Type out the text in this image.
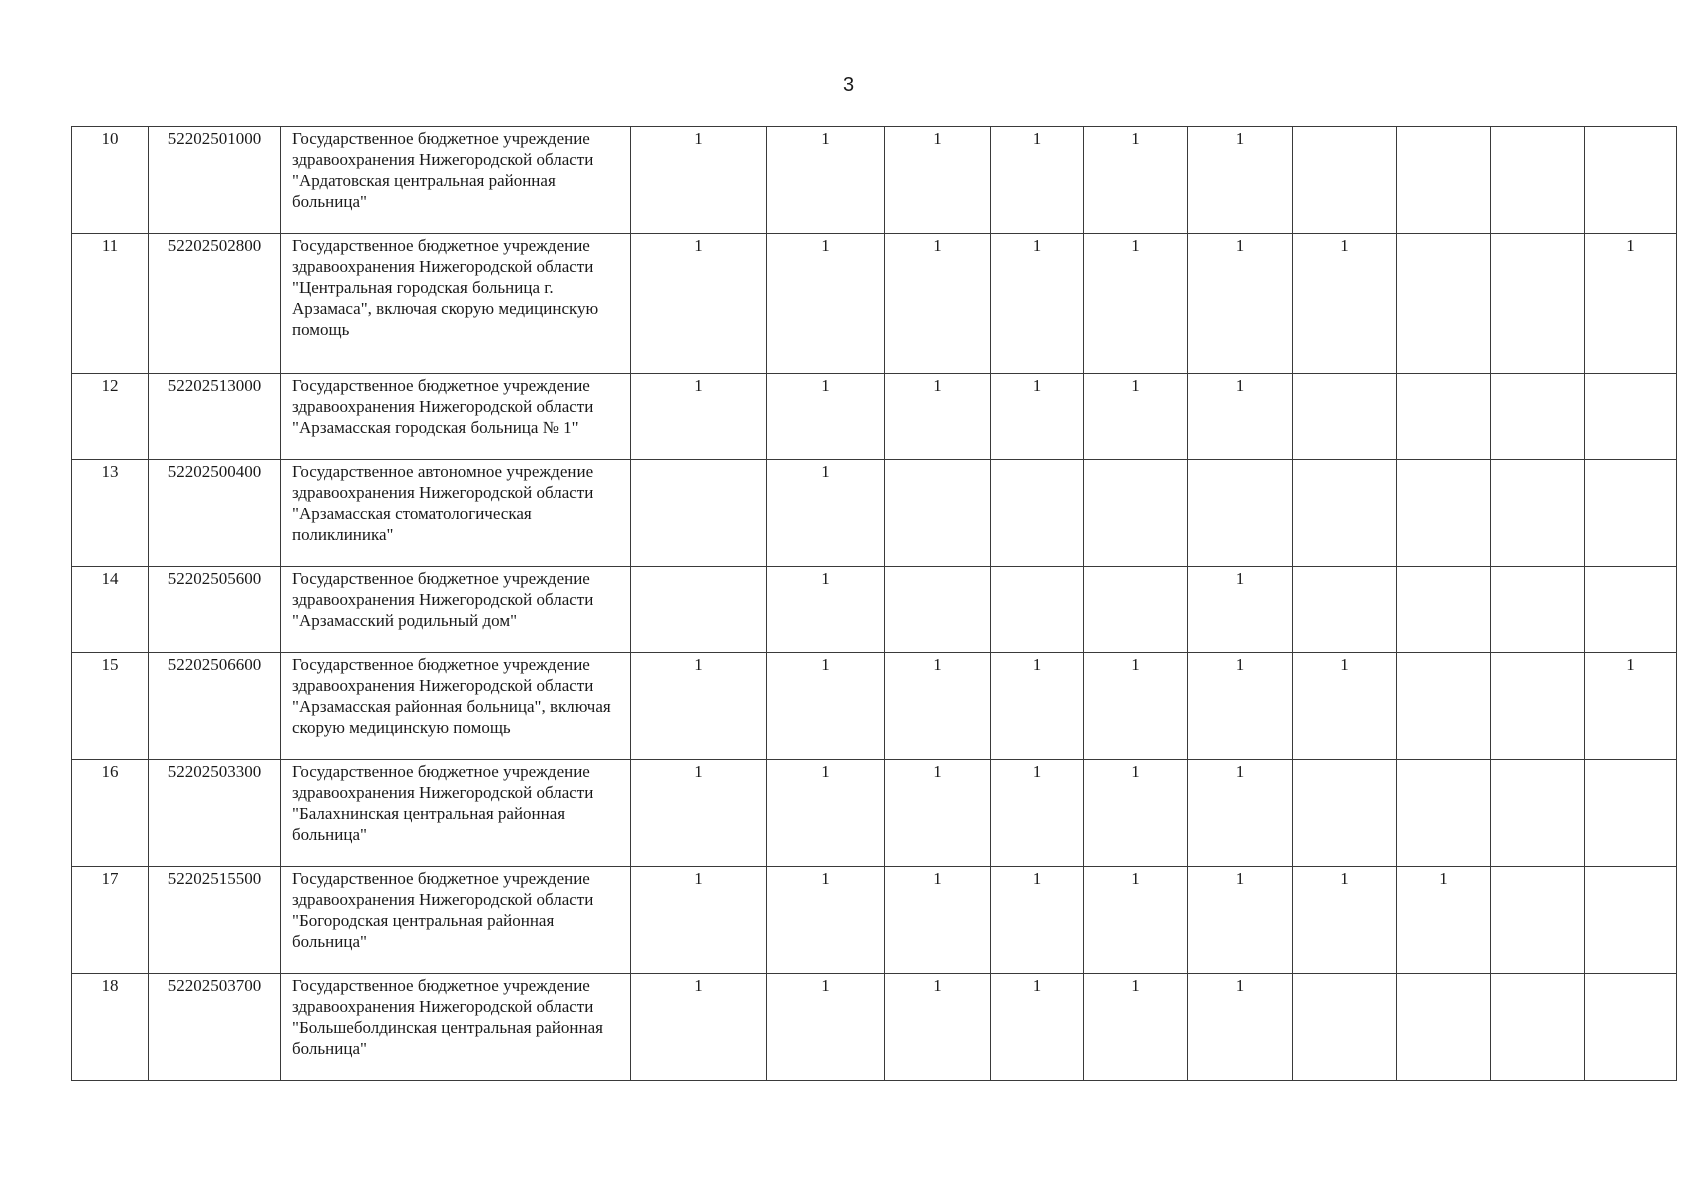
3
10	52202501000	Государственное бюджетное учреждение здравоохранения Нижегородской области "Ардатовская центральная районная больница"	1	1	1	1	1	1				
11	52202502800	Государственное бюджетное учреждение здравоохранения Нижегородской области "Центральная городская больница г. Арзамаса", включая скорую медицинскую помощь	1	1	1	1	1	1	1			1
12	52202513000	Государственное бюджетное учреждение здравоохранения Нижегородской области "Арзамасская городская больница № 1"	1	1	1	1	1	1				
13	52202500400	Государственное автономное учреждение здравоохранения Нижегородской области "Арзамасская стоматологическая поликлиника"		1								
14	52202505600	Государственное бюджетное учреждение здравоохранения Нижегородской области "Арзамасский родильный дом"		1				1				
15	52202506600	Государственное бюджетное учреждение здравоохранения Нижегородской области "Арзамасская районная больница", включая скорую медицинскую помощь	1	1	1	1	1	1	1			1
16	52202503300	Государственное бюджетное учреждение здравоохранения Нижегородской области "Балахнинская центральная районная больница"	1	1	1	1	1	1				
17	52202515500	Государственное бюджетное учреждение здравоохранения Нижегородской области "Богородская центральная районная больница"	1	1	1	1	1	1	1	1		
18	52202503700	Государственное бюджетное учреждение здравоохранения Нижегородской области "Большеболдинская центральная районная больница"	1	1	1	1	1	1				
